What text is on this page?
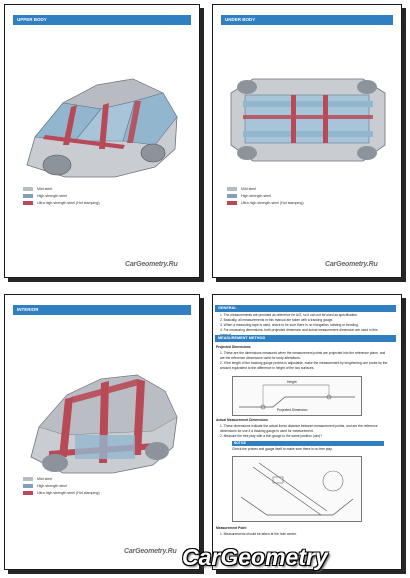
UPPER BODY
Mild steel
High strength steel
Ultra high strength steel (Hot stamping)
CarGeometry.Ru
UNDER BODY
Mild steel
High strength steel
Ultra high strength steel (Hot stamping)
CarGeometry.Ru
INTERIOR
Mild steel
High strength steel
Ultra high strength steel (Hot stamping)
GENERAL
1. The measurements are provided as reference for A/S, so it can not be used as specification.
2. Basically, all measurements in this manual are taken with a tracking gauge.
3. When a measuring tape is used, check to be sure there is no elongation, twisting or bending.
4. For measuring dimensions, both projected dimension and actual measurement dimension are used in this
MEASUREMENT METHOD
Projected Dimensions
1. These are the dimensions measured when the measurement points are projected into the reference plane, and are the reference dimensions used for body alterations.
2. If the length of the tracking gauge probes is adjustable, make the measurement by lengthening one probe by the amount equivalent to the difference in height of the two surfaces.
Height
Projected Dimension
Actual Measurement Dimensions
1. These dimensions indicate the actual linear distance between measurement points, and are the reference dimensions for use if a tracking gauge is used for measurement.
2. Measure the free play with a thin gauge to the same position (use)?
NOTICE
Check the probes and gauge itself to make sure there is no free play.
Measurement Point
1. Measurements should be taken at the hole center.
CarGeometry.Ru CarGeometry
